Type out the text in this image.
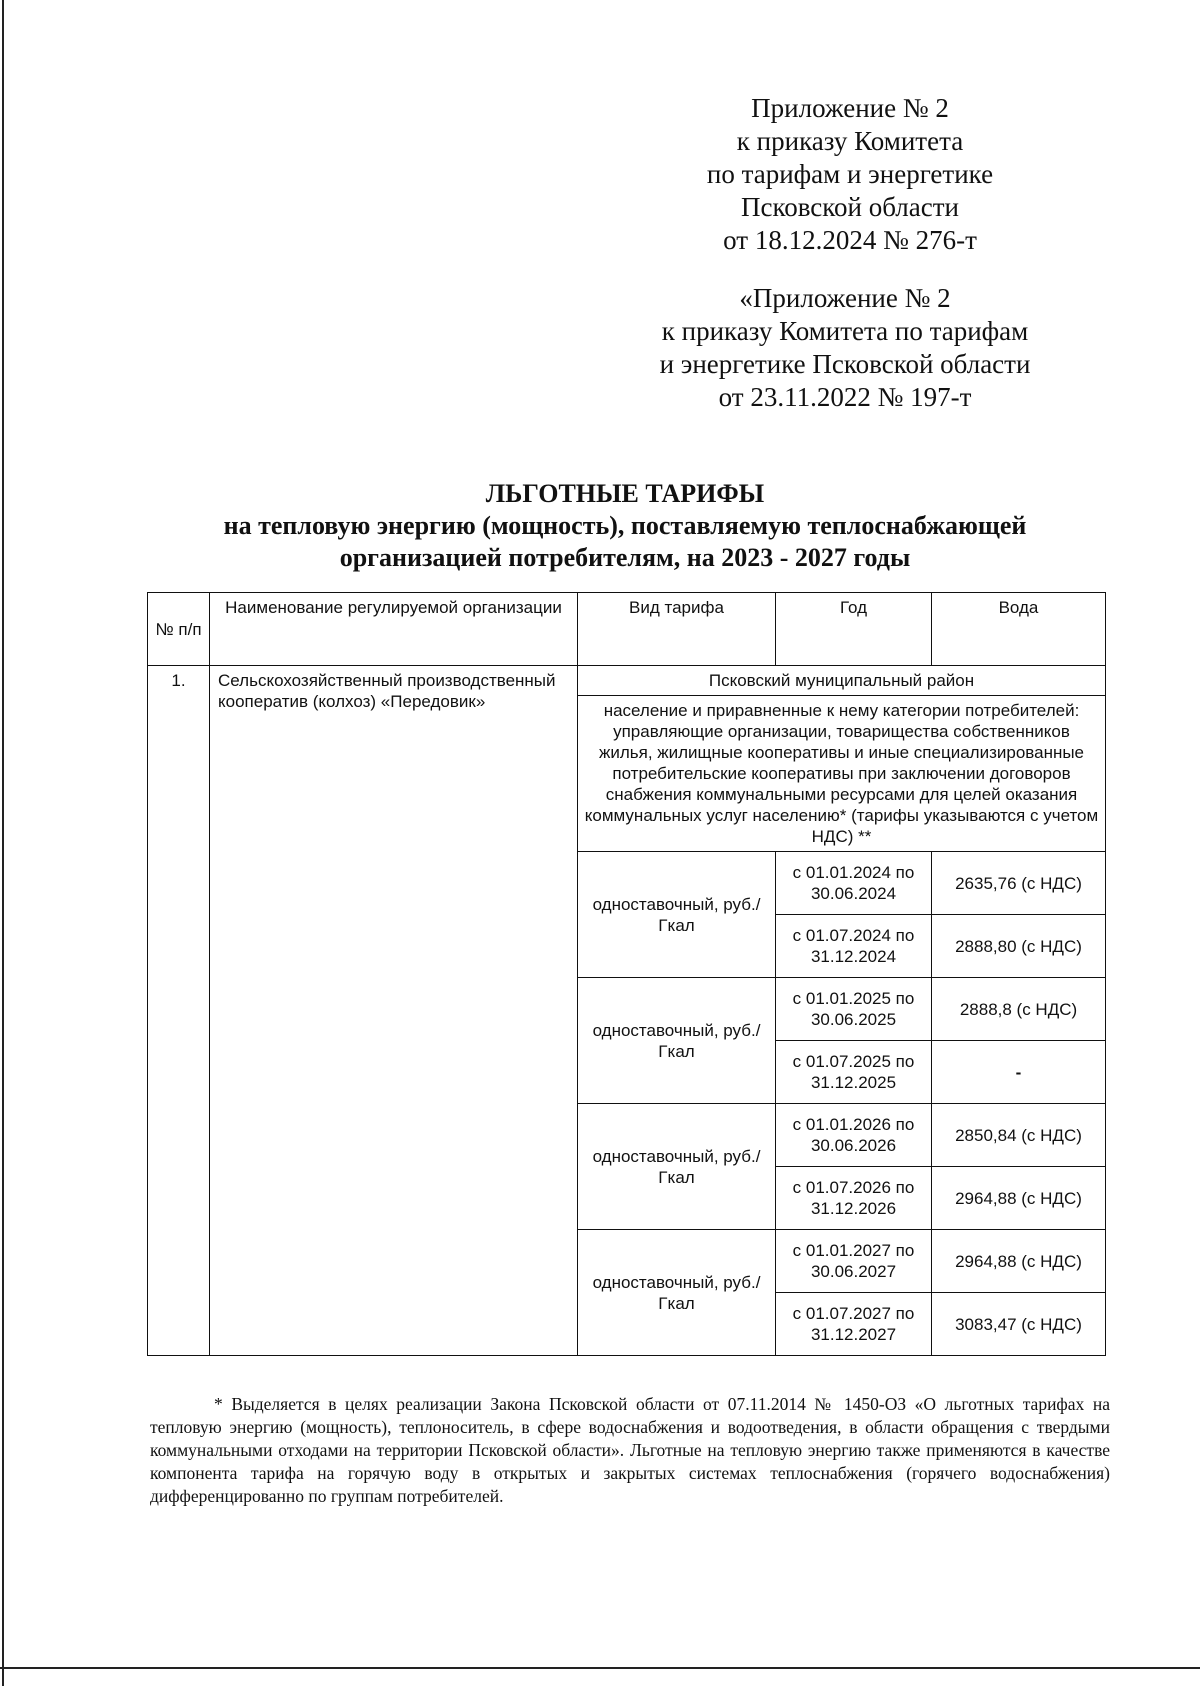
Приложение № 2
к приказу Комитета
по тарифам и энергетике
Псковской области
от 18.12.2024 № 276-т
«Приложение № 2
к приказу Комитета по тарифам
и энергетике Псковской области
от 23.11.2022 № 197-т
ЛЬГОТНЫЕ ТАРИФЫ
на тепловую энергию (мощность), поставляемую теплоснабжающей
организацией потребителям, на 2023 - 2027 годы
№ п/п	Наименование регулируемой организации	Вид тарифа	Год	Вода
1.	Сельскохозяйственный производственный кооператив (колхоз) «Передовик»	Псковский муниципальный район		
		население и приравненные к нему категории потребителей: управляющие организации, товарищества собственников жилья, жилищные кооперативы и иные специализированные потребительские кооперативы при заключении договоров снабжения коммунальными ресурсами для целей оказания коммунальных услуг населению* (тарифы указываются с учетом НДС) **		
		одноставочный, руб./Гкал	с 01.01.2024 по 30.06.2024	2635,76 (с НДС)
			с 01.07.2024 по 31.12.2024	2888,80 (с НДС)
		одноставочный, руб./Гкал	с 01.01.2025 по 30.06.2025	2888,8 (с НДС)
			с 01.07.2025 по 31.12.2025	-
		одноставочный, руб./Гкал	с 01.01.2026 по 30.06.2026	2850,84 (с НДС)
			с 01.07.2026 по 31.12.2026	2964,88 (с НДС)
		одноставочный, руб./Гкал	с 01.01.2027 по 30.06.2027	2964,88 (с НДС)
			с 01.07.2027 по 31.12.2027	3083,47 (с НДС)
* Выделяется в целях реализации Закона Псковской области от 07.11.2014 № 1450-ОЗ «О льготных тарифах на тепловую энергию (мощность), теплоноситель, в сфере водоснабжения и водоотведения, в области обращения с твердыми коммунальными отходами на территории Псковской области». Льготные на тепловую энергию также применяются в качестве компонента тарифа на горячую воду в открытых и закрытых системах теплоснабжения (горячего водоснабжения) дифференцированно по группам потребителей.
